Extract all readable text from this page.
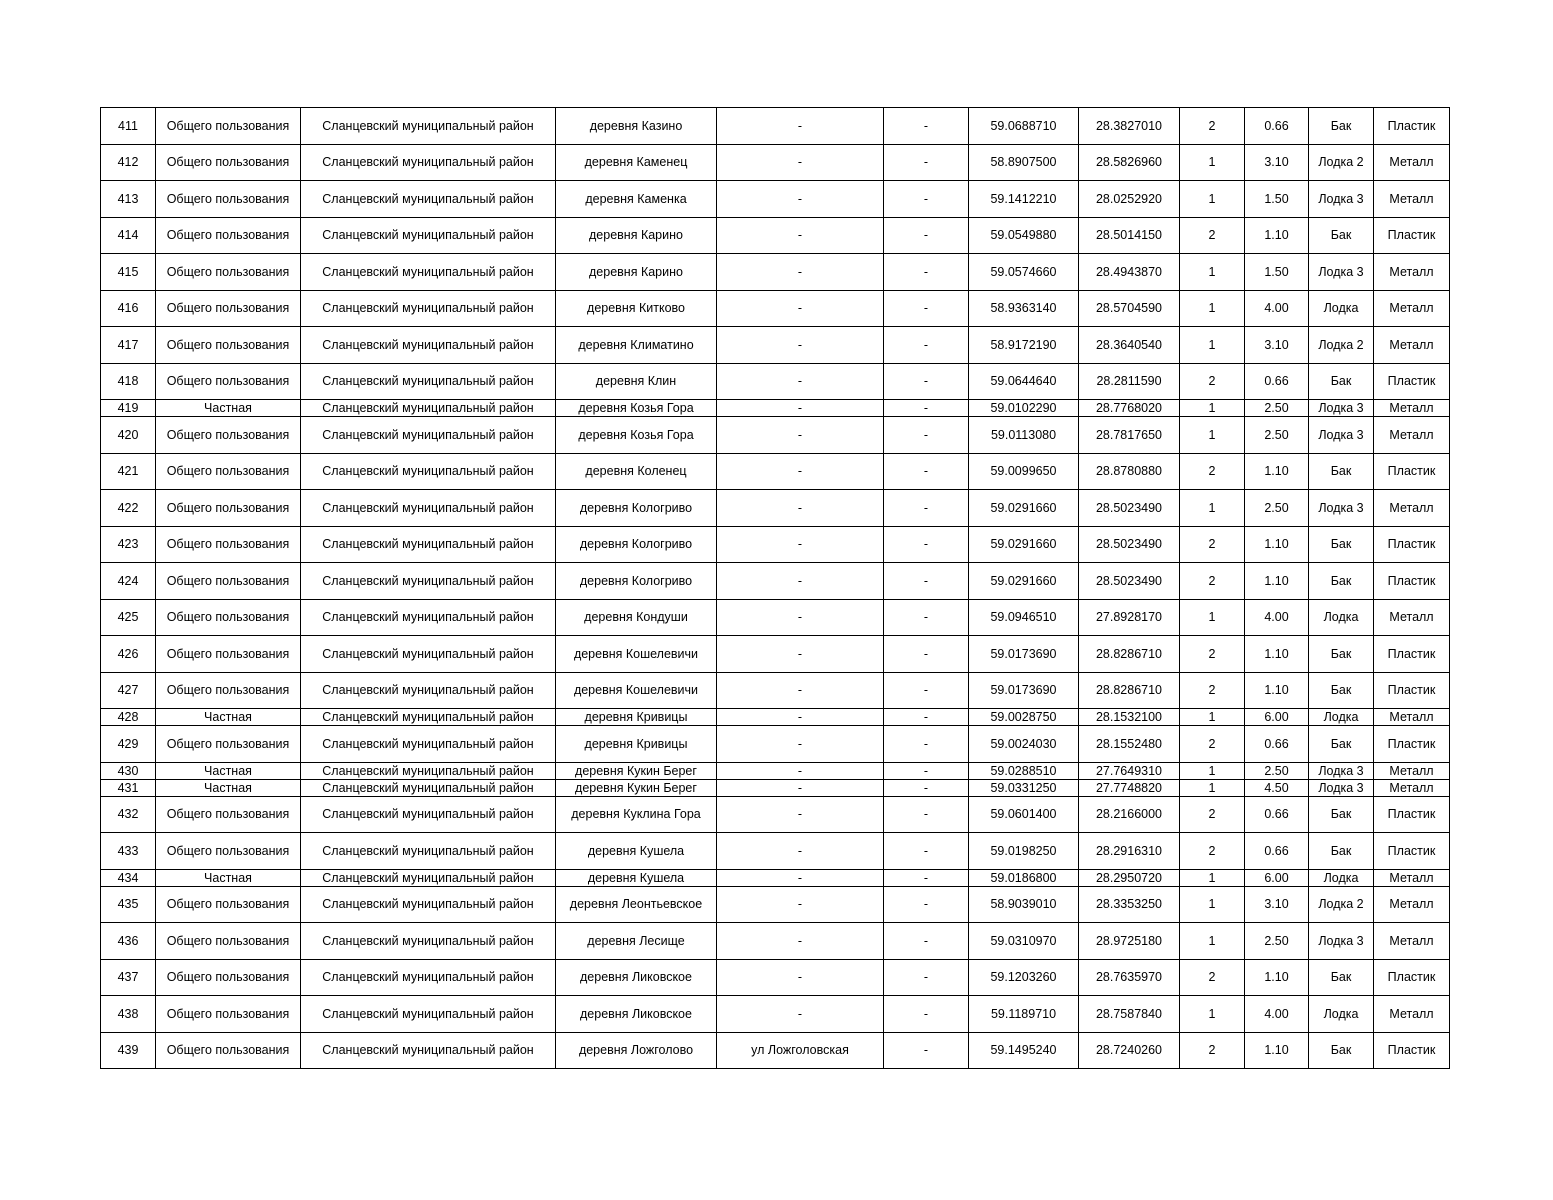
411	Общего пользования	Сланцевский муниципальный район	деревня Казино	-	-	59.0688710	28.3827010	2	0.66	Бак	Пластик
412	Общего пользования	Сланцевский муниципальный район	деревня Каменец	-	-	58.8907500	28.5826960	1	3.10	Лодка 2	Металл
413	Общего пользования	Сланцевский муниципальный район	деревня Каменка	-	-	59.1412210	28.0252920	1	1.50	Лодка 3	Металл
414	Общего пользования	Сланцевский муниципальный район	деревня Карино	-	-	59.0549880	28.5014150	2	1.10	Бак	Пластик
415	Общего пользования	Сланцевский муниципальный район	деревня Карино	-	-	59.0574660	28.4943870	1	1.50	Лодка 3	Металл
416	Общего пользования	Сланцевский муниципальный район	деревня Китково	-	-	58.9363140	28.5704590	1	4.00	Лодка	Металл
417	Общего пользования	Сланцевский муниципальный район	деревня Климатино	-	-	58.9172190	28.3640540	1	3.10	Лодка 2	Металл
418	Общего пользования	Сланцевский муниципальный район	деревня Клин	-	-	59.0644640	28.2811590	2	0.66	Бак	Пластик
419	Частная	Сланцевский муниципальный район	деревня Козья Гора	-	-	59.0102290	28.7768020	1	2.50	Лодка 3	Металл
420	Общего пользования	Сланцевский муниципальный район	деревня Козья Гора	-	-	59.0113080	28.7817650	1	2.50	Лодка 3	Металл
421	Общего пользования	Сланцевский муниципальный район	деревня Коленец	-	-	59.0099650	28.8780880	2	1.10	Бак	Пластик
422	Общего пользования	Сланцевский муниципальный район	деревня Кологриво	-	-	59.0291660	28.5023490	1	2.50	Лодка 3	Металл
423	Общего пользования	Сланцевский муниципальный район	деревня Кологриво	-	-	59.0291660	28.5023490	2	1.10	Бак	Пластик
424	Общего пользования	Сланцевский муниципальный район	деревня Кологриво	-	-	59.0291660	28.5023490	2	1.10	Бак	Пластик
425	Общего пользования	Сланцевский муниципальный район	деревня Кондуши	-	-	59.0946510	27.8928170	1	4.00	Лодка	Металл
426	Общего пользования	Сланцевский муниципальный район	деревня Кошелевичи	-	-	59.0173690	28.8286710	2	1.10	Бак	Пластик
427	Общего пользования	Сланцевский муниципальный район	деревня Кошелевичи	-	-	59.0173690	28.8286710	2	1.10	Бак	Пластик
428	Частная	Сланцевский муниципальный район	деревня Кривицы	-	-	59.0028750	28.1532100	1	6.00	Лодка	Металл
429	Общего пользования	Сланцевский муниципальный район	деревня Кривицы	-	-	59.0024030	28.1552480	2	0.66	Бак	Пластик
430	Частная	Сланцевский муниципальный район	деревня Кукин Берег	-	-	59.0288510	27.7649310	1	2.50	Лодка 3	Металл
431	Частная	Сланцевский муниципальный район	деревня Кукин Берег	-	-	59.0331250	27.7748820	1	4.50	Лодка 3	Металл
432	Общего пользования	Сланцевский муниципальный район	деревня Куклина Гора	-	-	59.0601400	28.2166000	2	0.66	Бак	Пластик
433	Общего пользования	Сланцевский муниципальный район	деревня Кушела	-	-	59.0198250	28.2916310	2	0.66	Бак	Пластик
434	Частная	Сланцевский муниципальный район	деревня Кушела	-	-	59.0186800	28.2950720	1	6.00	Лодка	Металл
435	Общего пользования	Сланцевский муниципальный район	деревня Леонтьевское	-	-	58.9039010	28.3353250	1	3.10	Лодка 2	Металл
436	Общего пользования	Сланцевский муниципальный район	деревня Лесище	-	-	59.0310970	28.9725180	1	2.50	Лодка 3	Металл
437	Общего пользования	Сланцевский муниципальный район	деревня Ликовское	-	-	59.1203260	28.7635970	2	1.10	Бак	Пластик
438	Общего пользования	Сланцевский муниципальный район	деревня Ликовское	-	-	59.1189710	28.7587840	1	4.00	Лодка	Металл
439	Общего пользования	Сланцевский муниципальный район	деревня Ложголово	ул Ложголовская	-	59.1495240	28.7240260	2	1.10	Бак	Пластик
